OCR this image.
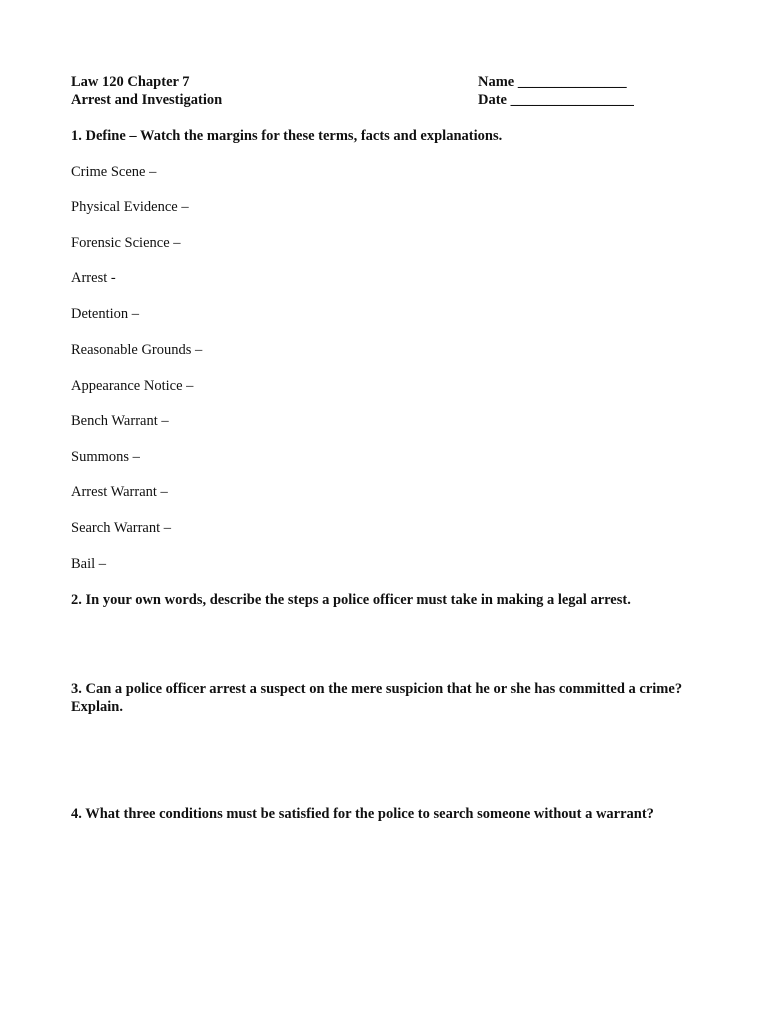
Law 120 Chapter 7
Arrest and Investigation
Name _______________
Date _________________
1. Define – Watch the margins for these terms, facts and explanations.
Crime Scene –
Physical Evidence –
Forensic Science –
Arrest -
Detention –
Reasonable Grounds –
Appearance Notice –
Bench Warrant –
Summons –
Arrest Warrant –
Search Warrant –
Bail –
2. In your own words, describe the steps a police officer must take in making a legal arrest.
3. Can a police officer arrest a suspect on the mere suspicion that he or she has committed a crime? Explain.
4. What three conditions must be satisfied for the police to search someone without a warrant?
